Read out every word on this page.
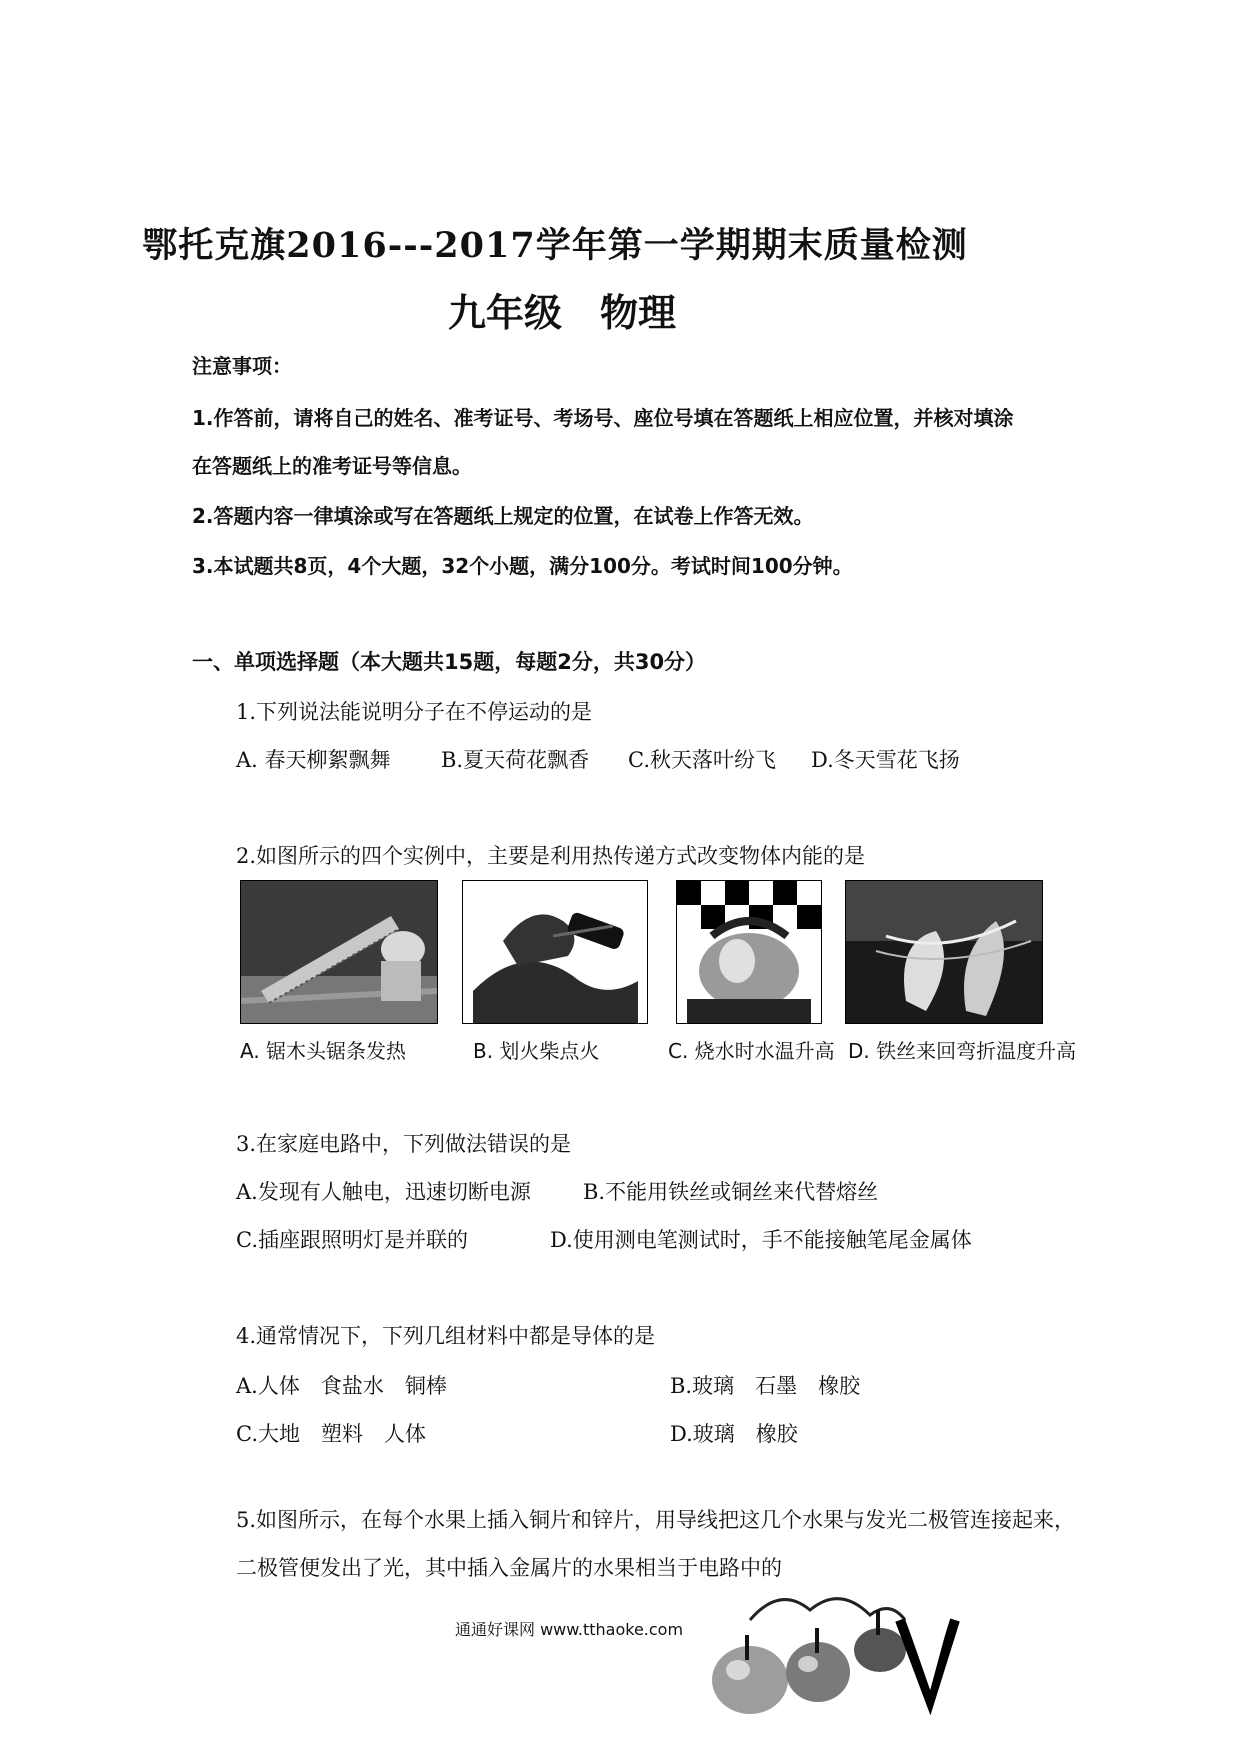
鄂托克旗2016---2017学年第一学期期末质量检测
九年级　物理
注意事项：
1.作答前，请将自己的姓名、准考证号、考场号、座位号填在答题纸上相应位置，并核对填涂
在答题纸上的准考证号等信息。
2.答题内容一律填涂或写在答题纸上规定的位置，在试卷上作答无效。
3.本试题共8页，4个大题，32个小题，满分100分。考试时间100分钟。
一、单项选择题（本大题共15题，每题2分，共30分）
1.下列说法能说明分子在不停运动的是
A. 春天柳絮飘舞 B.夏天荷花飘香 C.秋天落叶纷飞 D.冬天雪花飞扬
2.如图所示的四个实例中，主要是利用热传递方式改变物体内能的是
A. 锯木头锯条发热	B. 划火柴点火	C. 烧水时水温升高 D. 铁丝来回弯折温度升高
3.在家庭电路中，下列做法错误的是
A.发现有人触电，迅速切断电源 B.不能用铁丝或铜丝来代替熔丝
C.插座跟照明灯是并联的	D.使用测电笔测试时，手不能接触笔尾金属体
4.通常情况下，下列几组材料中都是导体的是
A.人体　食盐水　铜棒	B.玻璃　石墨　橡胶
C.大地　塑料　人体	D.玻璃　橡胶
5.如图所示，在每个水果上插入铜片和锌片，用导线把这几个水果与发光二极管连接起来，
二极管便发出了光，其中插入金属片的水果相当于电路中的
通通好课网 www.tthaoke.com
